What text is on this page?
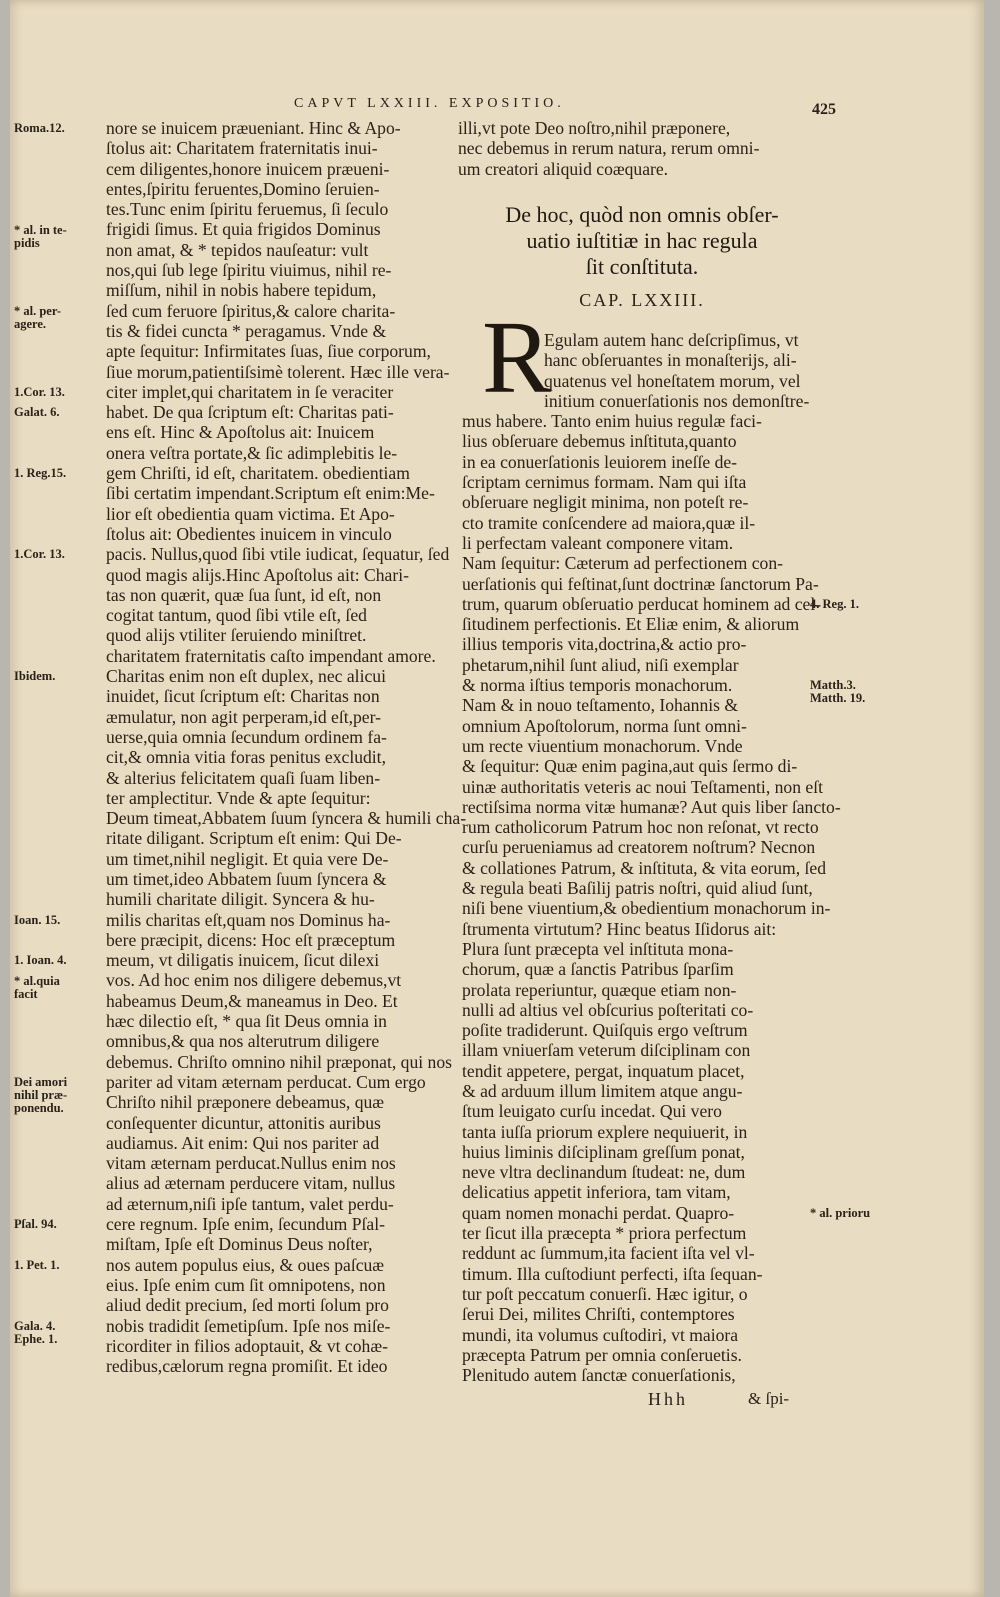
CAPVT LXXIII. EXPOSITIO.	425
nore se inuicem præueniant. Hinc & Apo-
ſtolus ait: Charitatem fraternitatis inui-
cem diligentes,honore inuicem præueni-
entes,ſpiritu feruentes,Domino ſeruien-
tes.Tunc enim ſpiritu feruemus, ſi ſeculo
frigidi ſimus. Et quia frigidos Dominus
non amat, & * tepidos nauſeatur: vult
nos,qui ſub lege ſpiritu viuimus, nihil re-
miſſum, nihil in nobis habere tepidum,
ſed cum feruore ſpiritus,& calore charita-
tis & fidei cuncta * peragamus. Vnde &
apte ſequitur: Infirmitates ſuas, ſiue corporum,
ſiue morum,patientiſsimè tolerent. Hæc ille vera-
citer implet,qui charitatem in ſe veraciter
habet. De qua ſcriptum eſt: Charitas pati-
ens eſt. Hinc & Apoſtolus ait: Inuicem
onera veſtra portate,& ſic adimplebitis le-
gem Chriſti, id eſt, charitatem. obedientiam
ſibi certatim impendant.Scriptum eſt enim:Me-
lior eſt obedientia quam victima. Et Apo-
ſtolus ait: Obedientes inuicem in vinculo
pacis. Nullus,quod ſibi vtile iudicat, ſequatur, ſed
quod magis alijs.Hinc Apoſtolus ait: Chari-
tas non quærit, quæ ſua ſunt, id eſt, non
cogitat tantum, quod ſibi vtile eſt, ſed
quod alijs vtiliter ſeruiendo miniſtret.
charitatem fraternitatis caſto impendant amore.
Charitas enim non eſt duplex, nec alicui
inuidet, ſicut ſcriptum eſt: Charitas non
æmulatur, non agit perperam,id eſt,per-
uerse,quia omnia ſecundum ordinem fa-
cit,& omnia vitia foras penitus excludit,
& alterius felicitatem quaſi ſuam liben-
ter amplectitur. Vnde & apte ſequitur:
Deum timeat,Abbatem ſuum ſyncera & humili cha-
ritate diligant. Scriptum eſt enim: Qui De-
um timet,nihil negligit. Et quia vere De-
um timet,ideo Abbatem ſuum ſyncera &
humili charitate diligit. Syncera & hu-
milis charitas eſt,quam nos Dominus ha-
bere præcipit, dicens: Hoc eſt præceptum
meum, vt diligatis inuicem, ſicut dilexi
vos. Ad hoc enim nos diligere debemus,vt
habeamus Deum,& maneamus in Deo. Et
hæc dilectio eſt, * qua ſit Deus omnia in
omnibus,& qua nos alterutrum diligere
debemus. Chriſto omnino nihil præponat, qui nos
pariter ad vitam æternam perducat. Cum ergo
Chriſto nihil præponere debeamus, quæ
conſequenter dicuntur, attonitis auribus
audiamus. Ait enim: Qui nos pariter ad
vitam æternam perducat.Nullus enim nos
alius ad æternam perducere vitam, nullus
ad æternum,niſi ipſe tantum, valet perdu-
cere regnum. Ipſe enim, ſecundum Pſal-
miſtam, Ipſe eſt Dominus Deus noſter,
nos autem populus eius, & oues paſcuæ
eius. Ipſe enim cum ſit omnipotens, non
aliud dedit precium, ſed morti ſolum pro
nobis tradidit ſemetipſum. Ipſe nos miſe-
ricorditer in filios adoptauit, & vt cohæ-
redibus,cælorum regna promiſit. Et ideo
illi,vt pote Deo noſtro,nihil præponere,
nec debemus in rerum natura, rerum omni-
um creatori aliquid coæquare.
De hoc, quòd non omnis obſer-
uatio iuſtitiæ in hac regula
ſit conſtituta.
CAP. LXXIII.
R
Egulam autem hanc deſcripſimus, vt
hanc obſeruantes in monaſterijs, ali-
quatenus vel honeſtatem morum, vel
initium conuerſationis nos demonſtre-
mus habere. Tanto enim huius regulæ faci-
lius obſeruare debemus inſtituta,quanto
in ea conuerſationis leuiorem ineſſe de-
ſcriptam cernimus formam. Nam qui iſta
obſeruare negligit minima, non poteſt re-
cto tramite conſcendere ad maiora,quæ il-
li perfectam valeant componere vitam.
Nam ſequitur: Cæterum ad perfectionem con-
uerſationis qui feſtinat,ſunt doctrinæ ſanctorum Pa-
trum, quarum obſeruatio perducat hominem ad cel-
ſitudinem perfectionis. Et Eliæ enim, & aliorum
illius temporis vita,doctrina,& actio pro-
phetarum,nihil ſunt aliud, niſi exemplar
& norma iſtius temporis monachorum.
Nam & in nouo teſtamento, Iohannis &
omnium Apoſtolorum, norma ſunt omni-
um recte viuentium monachorum. Vnde
& ſequitur: Quæ enim pagina,aut quis ſermo di-
uinæ authoritatis veteris ac noui Teſtamenti, non eſt
rectiſsima norma vitæ humanæ? Aut quis liber ſancto-
rum catholicorum Patrum hoc non reſonat, vt recto
curſu perueniamus ad creatorem noſtrum? Necnon
& collationes Patrum, & inſtituta, & vita eorum, ſed
& regula beati Baſilij patris noſtri, quid aliud ſunt,
niſi bene viuentium,& obedientium monachorum in-
ſtrumenta virtutum? Hinc beatus Iſidorus ait:
Plura ſunt præcepta vel inſtituta mona-
chorum, quæ a ſanctis Patribus ſparſim
prolata reperiuntur, quæque etiam non-
nulli ad altius vel obſcurius poſteritati co-
poſite tradiderunt. Quiſquis ergo veſtrum
illam vniuerſam veterum diſciplinam con
tendit appetere, pergat, inquatum placet,
& ad arduum illum limitem atque angu-
ſtum leuigato curſu incedat. Qui vero
tanta iuſſa priorum explere nequiuerit, in
huius liminis diſciplinam greſſum ponat,
neve vltra declinandum ſtudeat: ne, dum
delicatius appetit inferiora, tam vitam,
quam nomen monachi perdat. Quapro-
ter ſicut illa præcepta * priora perfectum
reddunt ac ſummum,ita facient iſta vel vl-
timum. Illa cuſtodiunt perfecti, iſta ſequan-
tur poſt peccatum conuerſi. Hæc igitur, o
ſerui Dei, milites Chriſti, contemptores
mundi, ita volumus cuſtodiri, vt maiora
præcepta Patrum per omnia conſeruetis.
Plenitudo autem ſanctæ conuerſationis,
Roma.12.
* al. in te-
pidis
* al. per-
agere.
1.Cor. 13.
Galat. 6.
1. Reg.15.
1.Cor. 13.
Ibidem.
Ioan. 15.
1. Ioan. 4.
* al.quia
facit
Dei amori
nihil præ-
ponendu.
Pſal. 94.
1. Pet. 1.
Gala. 4.
Ephe. 1.
4. Reg. 1.
Matth.3.
Matth. 19.
* al. prioru
Hhh	& ſpi-
